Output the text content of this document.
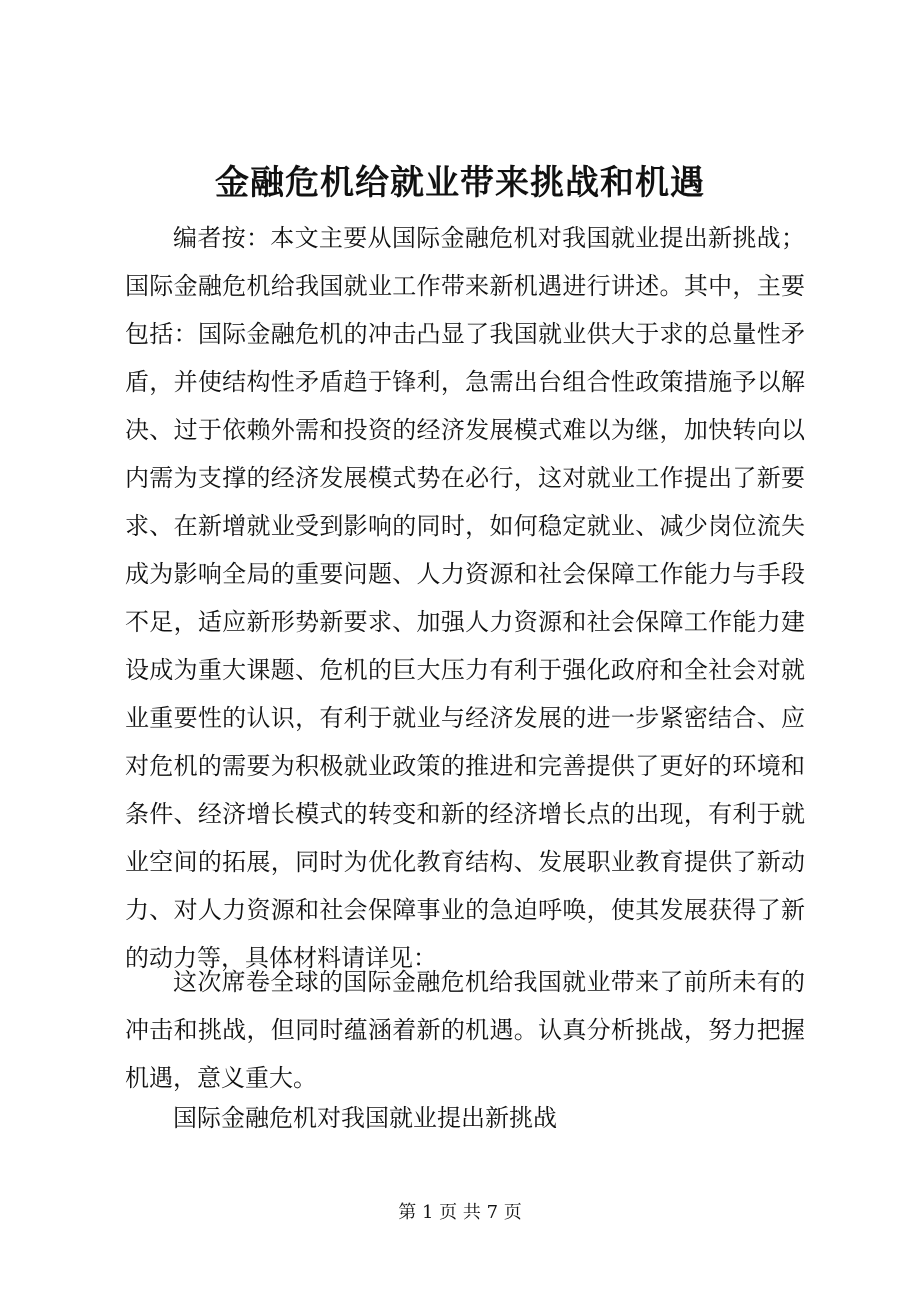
金融危机给就业带来挑战和机遇

编者按：本文主要从国际金融危机对我国就业提出新挑战；国际金融危机给我国就业工作带来新机遇进行讲述。其中，主要包括：国际金融危机的冲击凸显了我国就业供大于求的总量性矛盾，并使结构性矛盾趋于锋利，急需出台组合性政策措施予以解决、过于依赖外需和投资的经济发展模式难以为继，加快转向以内需为支撑的经济发展模式势在必行，这对就业工作提出了新要求、在新增就业受到影响的同时，如何稳定就业、减少岗位流失成为影响全局的重要问题、人力资源和社会保障工作能力与手段不足，适应新形势新要求、加强人力资源和社会保障工作能力建设成为重大课题、危机的巨大压力有利于强化政府和全社会对就业重要性的认识，有利于就业与经济发展的进一步紧密结合、应对危机的需要为积极就业政策的推进和完善提供了更好的环境和条件、经济增长模式的转变和新的经济增长点的出现，有利于就业空间的拓展，同时为优化教育结构、发展职业教育提供了新动力、对人力资源和社会保障事业的急迫呼唤，使其发展获得了新的动力等，具体材料请详见：

这次席卷全球的国际金融危机给我国就业带来了前所未有的冲击和挑战，但同时蕴涵着新的机遇。认真分析挑战，努力把握机遇，意义重大。

国际金融危机对我国就业提出新挑战

第 1 页 共 7 页
